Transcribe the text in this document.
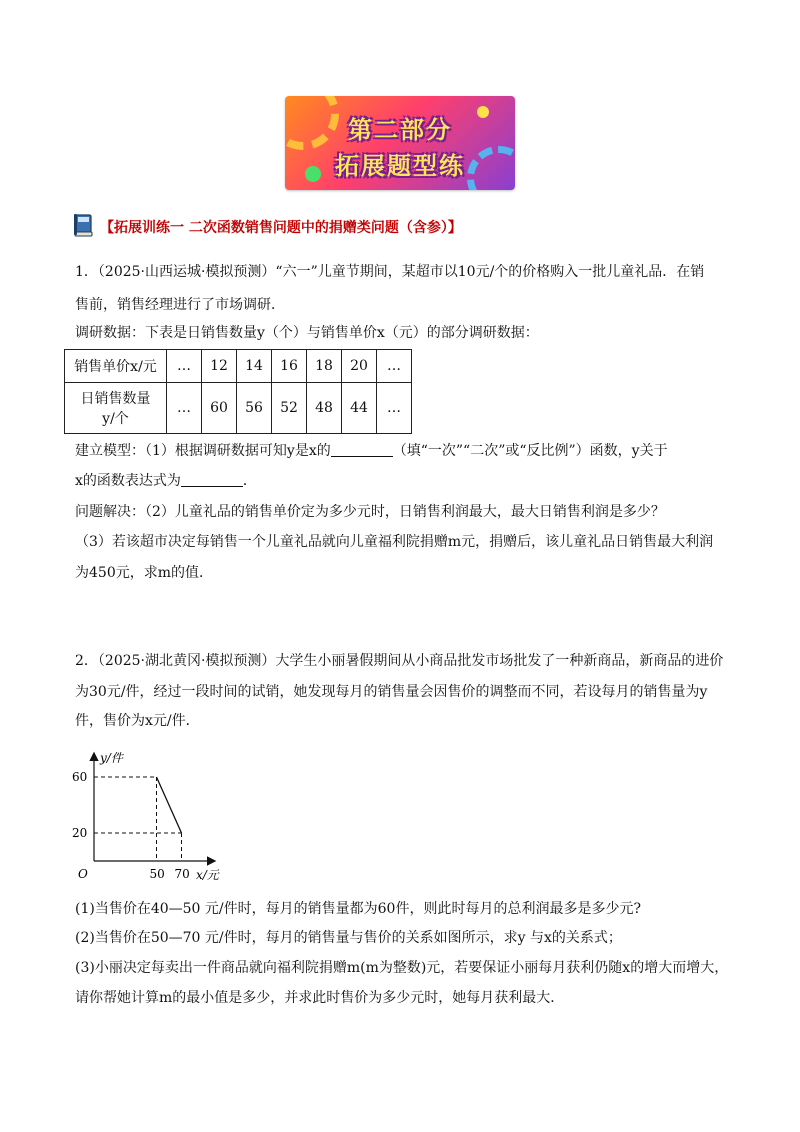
第二部分
拓展题型练
【拓展训练一 二次函数销售问题中的捐赠类问题（含参）】
1．（2025·山西运城·模拟预测）“六一”儿童节期间，某超市以10元/个的价格购入一批儿童礼品．在销
售前，销售经理进行了市场调研．
调研数据：下表是日销售数量y（个）与销售单价x（元）的部分调研数据：
销售单价x/元	…	12	14	16	18	20	…

日销售数量
y/个	…	60	56	52	48	44	…
建立模型：（1）根据调研数据可知y是x的	（填“一次”“二次”或“反比例”）函数，y关于
x的函数表达式为	．
问题解决：（2）儿童礼品的销售单价定为多少元时，日销售利润最大，最大日销售利润是多少？
（3）若该超市决定每销售一个儿童礼品就向儿童福利院捐赠m元，捐赠后，该儿童礼品日销售最大利润
为450元，求m的值．
2．（2025·湖北黄冈·模拟预测）大学生小丽暑假期间从小商品批发市场批发了一种新商品，新商品的进价
为30元/件，经过一段时间的试销，她发现每月的销售量会因售价的调整而不同，若设每月的销售量为y
件，售价为x元/件．
50 70
60
20
y/件
x/元
O
(1)当售价在40—50 元/件时，每月的销售量都为60件，则此时每月的总利润最多是多少元?
(2)当售价在50—70 元/件时，每月的销售量与售价的关系如图所示，求y 与x的关系式；
(3)小丽决定每卖出一件商品就向福利院捐赠m(m为整数)元，若要保证小丽每月获利仍随x的增大而增大，
请你帮她计算m的最小值是多少，并求此时售价为多少元时，她每月获利最大．
